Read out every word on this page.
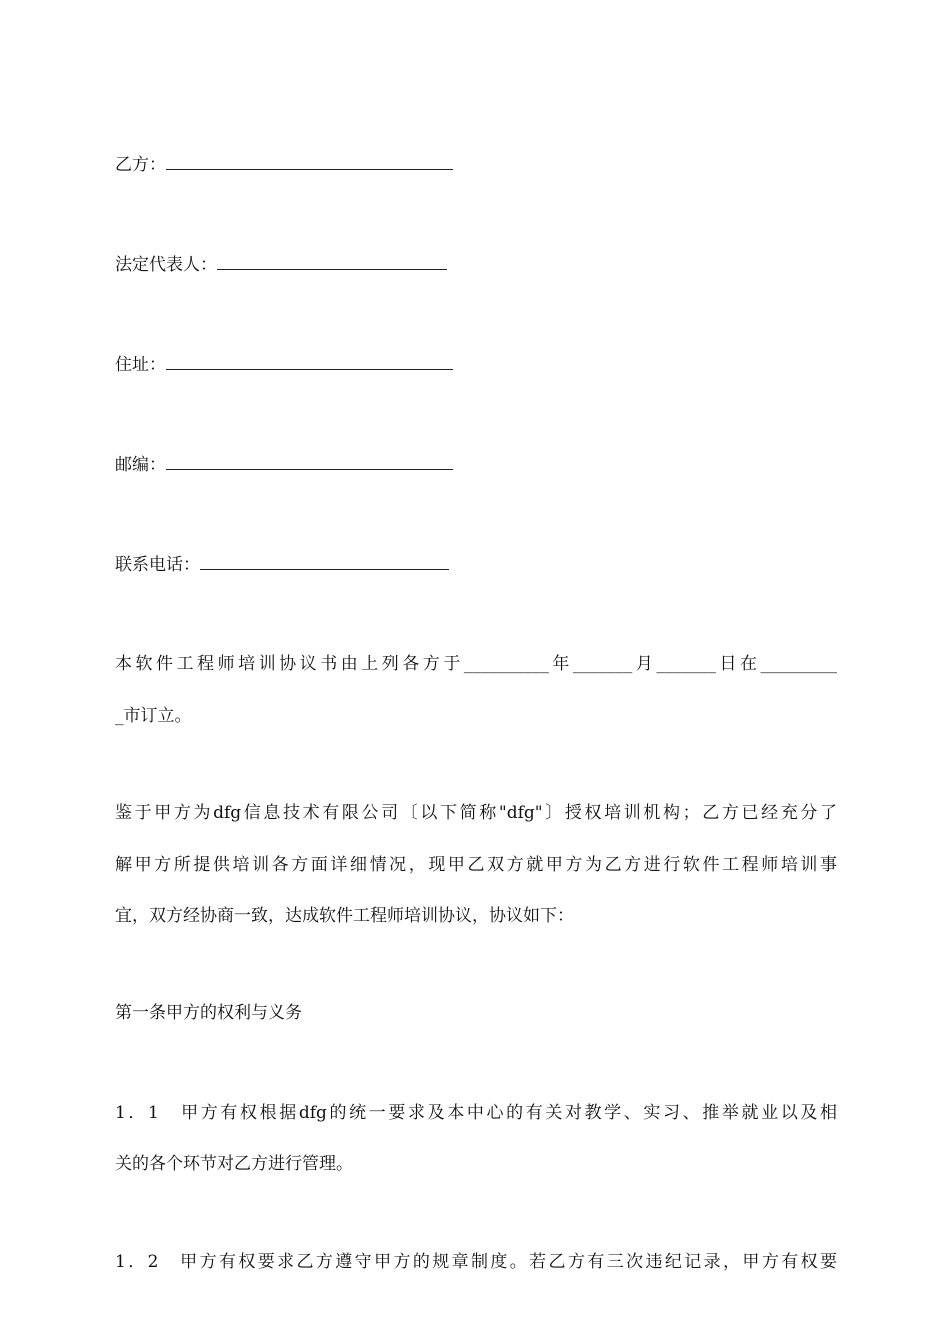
乙方：
法定代表人：
住址：
邮编：
联系电话：
本软件工程师培训协议书由上列各方于__________年_______月_______日在_________
_市订立。
鉴于甲方为dfg信息技术有限公司〔以下简称"dfg"〕授权培训机构；乙方已经充分了
解甲方所提供培训各方面详细情况，现甲乙双方就甲方为乙方进行软件工程师培训事
宜，双方经协商一致，达成软件工程师培训协议，协议如下：
第一条甲方的权利与义务
1．1　甲方有权根据dfg的统一要求及本中心的有关对教学、实习、推举就业以及相
关的各个环节对乙方进行管理。
1．2　甲方有权要求乙方遵守甲方的规章制度。若乙方有三次违纪记录，甲方有权要
